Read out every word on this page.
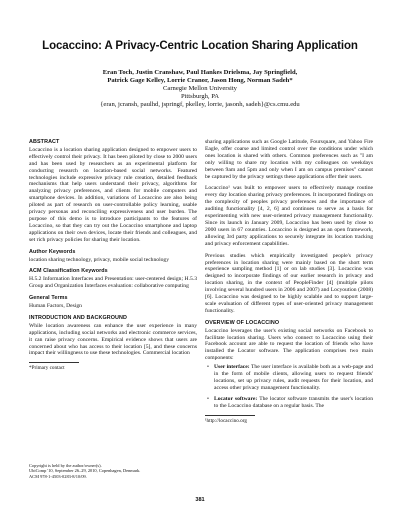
Locaccino: A Privacy-Centric Location Sharing Application
Eran Toch, Justin Cranshaw, Paul Hankes Drielsma, Jay Springfield,
Patrick Gage Kelley, Lorrie Cranor, Jason Hong, Norman Sadeh*
Carnegie Mellon University
Pittsburgh, PA
{eran, jcransh, paulhd, jspringf, pkelley, lorrie, jasonh, sadeh}@cs.cmu.edu
ABSTRACT

Locaccino is a location sharing application designed to empower users to effectively control their privacy. It has been piloted by close to 2000 users and has been used by researchers as an experimental platform for conducting research on location-based social networks. Featured technologies include expressive privacy rule creation, detailed feedback mechanisms that help users understand their privacy, algorithms for analyzing privacy preferences, and clients for mobile computers and smartphone devices. In addition, variations of Locaccino are also being piloted as part of research on user-controllable policy learning, usable privacy personas and reconciling expressiveness and user burden. The purpose of this demo is to introduce participants to the features of Locaccino, so that they can try out the Locaccino smartphone and laptop applications on their own devices, locate their friends and colleagues, and set rich privacy policies for sharing their location.

Author Keywords

location sharing technology, privacy, mobile social technology

ACM Classification Keywords

H.5.2 Information Interfaces and Presentation: user-centered design; H.5.3 Group and Organization Interfaces evaluation: collaborative computing

General Terms

Human Factors, Design

INTRODUCTION AND BACKGROUND

While location awareness can enhance the user experience in many applications, including social networks and electronic commerce services, it can raise privacy concerns. Empirical evidence shows that users are concerned about who has access to their location [5], and these concerns impact their willingness to use these technologies. Commercial location

*Primary contact

sharing applications such as Google Latitude, Foursquare, and Yahoo Fire Eagle, offer coarse and limited control over the conditions under which ones location is shared with others. Common preferences such as "I am only willing to share my location with my colleagues on weekdays between 9am and 5pm and only when I am on campus premises" cannot be captured by the privacy settings these applications offer their users.

Locaccino¹ was built to empower users to effectively manage routine every day location sharing privacy preferences. It incorporated findings on the complexity of peoples privacy preferences and the importance of auditing functionality [4, 2, 6] and continues to serve as a basis for experimenting with new user-oriented privacy management functionality. Since its launch in January 2009, Locaccino has been used by close to 2000 users in 67 countries. Locaccino is designed as an open framework, allowing 3rd party applications to securely integrate its location tracking and privacy enforcement capabilities.

Previous studies which empirically investigated people's privacy preferences in location sharing were mainly based on the short term experience sampling method [1] or on lab studies [3]. Locaccino was designed to incorporate findings of our earlier research in privacy and location sharing, in the context of PeopleFinder [4] (multiple pilots involving several hundred users in 2006 and 2007) and Locyoution (2008) [6]. Locaccino was designed to be highly scalable and to support large-scale evaluation of different types of user-oriented privacy management functionality.

OVERVIEW OF LOCACCINO

Locaccino leverages the user's existing social networks on Facebook to facilitate location sharing. Users who connect to Locaccino using their Facebook account are able to request the location of friends who have installed the Locator software. The application comprises two main components:

• User interface: The user interface is available both as a web-page and in the form of mobile clients, allowing users to request friends' locations, set up privacy rules, audit requests for their location, and access other privacy management functionality.
• Locator software: The locator software transmits the user's location to the Locaccino database on a regular basis. The
¹http://locaccino.org
Copyright is held by the author/owner(s).
UbiComp '10, September 26–29, 2010, Copenhagen, Denmark.
ACM 978-1-4503-0283-8/10/09.
381
